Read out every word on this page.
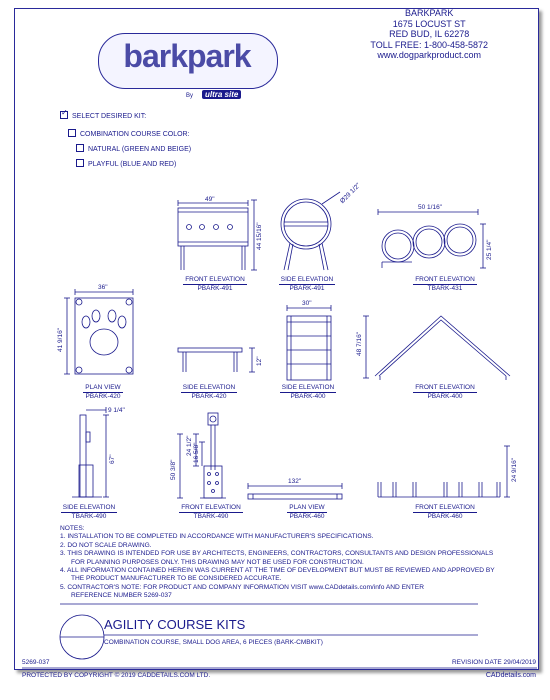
barkpark
By	ultra site
BARKPARK
1675 LOCUST ST
RED BUD, IL 62278
TOLL FREE: 1-800-458-5872
www.dogparkproduct.com
✓ SELECT DESIRED KIT:
COMBINATION COURSE COLOR:
NATURAL (GREEN AND BEIGE)
PLAYFUL (BLUE AND RED)
49"
44 15/16"
Ø29 1/2"
50 1/16"
25 1/4"
36"
41 9/16"
12"
30"
48 7/16"
9 1/4"
67"
50 3/8"
24 1/2" 16 5/8"
132"	24 9/16"
FRONT ELEVATION
PBARK-491
SIDE ELEVATION
PBARK-491
FRONT ELEVATION
TBARK-431
PLAN VIEW
PBARK-420
SIDE ELEVATION
PBARK-420
SIDE ELEVATION
PBARK-400
FRONT ELEVATION
PBARK-400
SIDE ELEVATION
TBARK-490
FRONT ELEVATION
TBARK-490
PLAN VIEW
PBARK-460
FRONT ELEVATION
PBARK-460
NOTES:
1. INSTALLATION TO BE COMPLETED IN ACCORDANCE WITH MANUFACTURER'S SPECIFICATIONS.
2. DO NOT SCALE DRAWING.
3. THIS DRAWING IS INTENDED FOR USE BY ARCHITECTS, ENGINEERS, CONTRACTORS, CONSULTANTS AND DESIGN PROFESSIONALS
FOR PLANNING PURPOSES ONLY. THIS DRAWING MAY NOT BE USED FOR CONSTRUCTION.
4. ALL INFORMATION CONTAINED HEREIN WAS CURRENT AT THE TIME OF DEVELOPMENT BUT MUST BE REVIEWED AND APPROVED BY
THE PRODUCT MANUFACTURER TO BE CONSIDERED ACCURATE.
5. CONTRACTOR'S NOTE: FOR PRODUCT AND COMPANY INFORMATION VISIT www.CADdetails.com/info AND ENTER
REFERENCE NUMBER 5269-037
AGILITY COURSE KITS
COMBINATION COURSE, SMALL DOG AREA, 6 PIECES (BARK-CMBKIT)
5269-037	REVISION DATE 29/04/2019
PROTECTED BY COPYRIGHT © 2019 CADDETAILS.COM LTD.	CADdetails.com
